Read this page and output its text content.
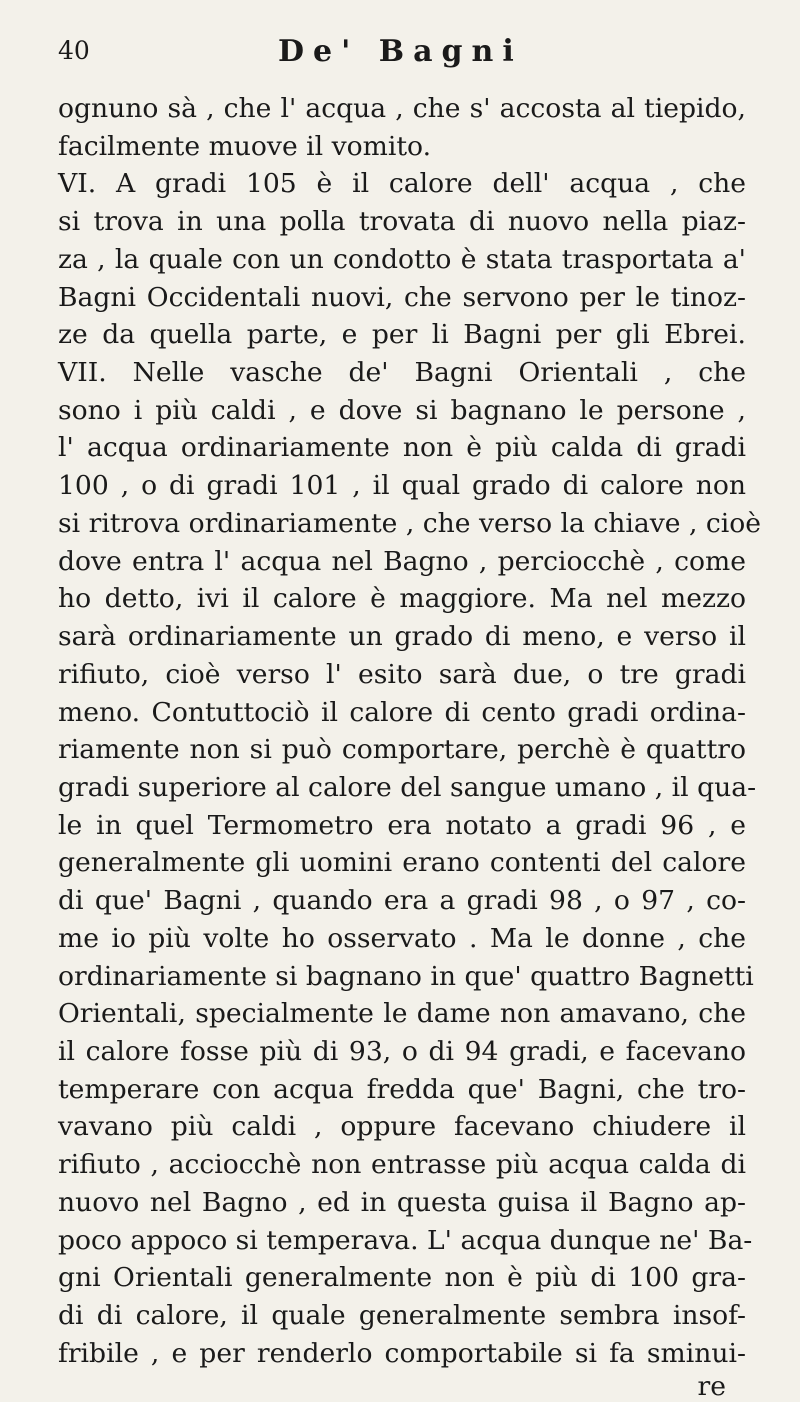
40	De' Bagni
ognuno sà , che l' acqua , che s' accosta al tiepido,
facilmente muove il vomito.
VI. A gradi 105 è il calore dell' acqua , che
si trova in una polla trovata di nuovo nella piaz-
za , la quale con un condotto è stata trasportata a'
Bagni Occidentali nuovi, che servono per le tinoz-
ze da quella parte, e per li Bagni per gli Ebrei.
VII. Nelle vasche de' Bagni Orientali , che
sono i più caldi , e dove si bagnano le persone ,
l' acqua ordinariamente non è più calda di gradi
100 , o di gradi 101 , il qual grado di calore non
si ritrova ordinariamente , che verso la chiave , cioè
dove entra l' acqua nel Bagno , perciocchè , come
ho detto, ivi il calore è maggiore. Ma nel mezzo
sarà ordinariamente un grado di meno, e verso il
rifiuto, cioè verso l' esito sarà due, o tre gradi
meno. Contuttociò il calore di cento gradi ordina-
riamente non si può comportare, perchè è quattro
gradi superiore al calore del sangue umano , il qua-
le in quel Termometro era notato a gradi 96 , e
generalmente gli uomini erano contenti del calore
di que' Bagni , quando era a gradi 98 , o 97 , co-
me io più volte ho osservato . Ma le donne , che
ordinariamente si bagnano in que' quattro Bagnetti
Orientali, specialmente le dame non amavano, che
il calore fosse più di 93, o di 94 gradi, e facevano
temperare con acqua fredda que' Bagni, che tro-
vavano più caldi , oppure facevano chiudere il
rifiuto , acciocchè non entrasse più acqua calda di
nuovo nel Bagno , ed in questa guisa il Bagno ap-
poco appoco si temperava. L' acqua dunque ne' Ba-
gni Orientali generalmente non è più di 100 gra-
di di calore, il quale generalmente sembra insof-
fribile , e per renderlo comportabile si fa sminui-
re
